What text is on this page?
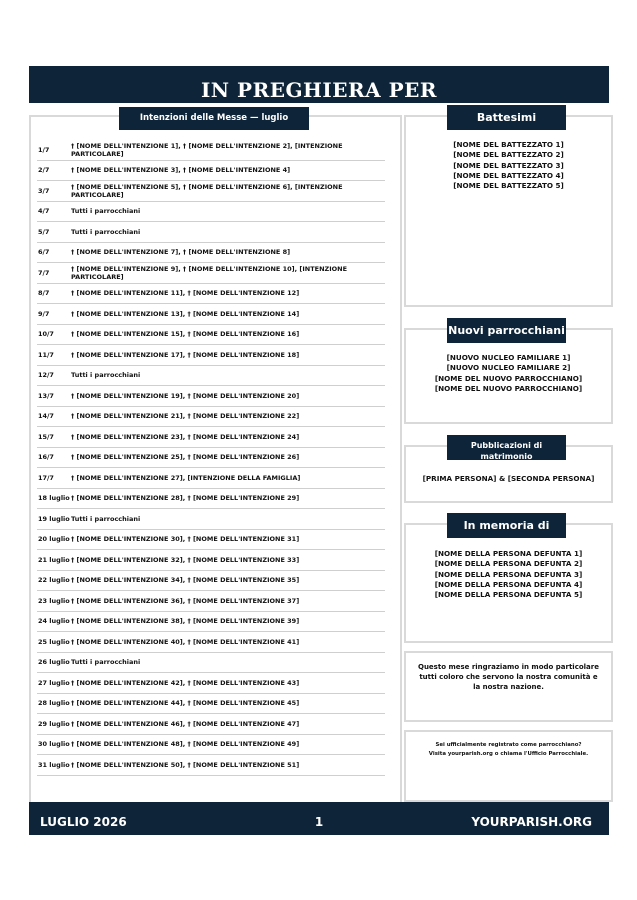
IN PREGHIERA PER
Intenzioni delle Messe — luglio
1/7	† [NOME DELL'INTENZIONE 1], † [NOME DELL'INTENZIONE 2], [INTENZIONE PARTICOLARE]
2/7	† [NOME DELL'INTENZIONE 3], † [NOME DELL'INTENZIONE 4]
3/7	† [NOME DELL'INTENZIONE 5], † [NOME DELL'INTENZIONE 6], [INTENZIONE PARTICOLARE]
4/7	Tutti i parrocchiani
5/7	Tutti i parrocchiani
6/7	† [NOME DELL'INTENZIONE 7], † [NOME DELL'INTENZIONE 8]
7/7	† [NOME DELL'INTENZIONE 9], † [NOME DELL'INTENZIONE 10], [INTENZIONE PARTICOLARE]
8/7	† [NOME DELL'INTENZIONE 11], † [NOME DELL'INTENZIONE 12]
9/7	† [NOME DELL'INTENZIONE 13], † [NOME DELL'INTENZIONE 14]
10/7	† [NOME DELL'INTENZIONE 15], † [NOME DELL'INTENZIONE 16]
11/7	† [NOME DELL'INTENZIONE 17], † [NOME DELL'INTENZIONE 18]
12/7	Tutti i parrocchiani
13/7	† [NOME DELL'INTENZIONE 19], † [NOME DELL'INTENZIONE 20]
14/7	† [NOME DELL'INTENZIONE 21], † [NOME DELL'INTENZIONE 22]
15/7	† [NOME DELL'INTENZIONE 23], † [NOME DELL'INTENZIONE 24]
16/7	† [NOME DELL'INTENZIONE 25], † [NOME DELL'INTENZIONE 26]
17/7	† [NOME DELL'INTENZIONE 27], [INTENZIONE DELLA FAMIGLIA]
18 luglio † [NOME DELL'INTENZIONE 28], † [NOME DELL'INTENZIONE 29]
19 luglio Tutti i parrocchiani
20 luglio † [NOME DELL'INTENZIONE 30], † [NOME DELL'INTENZIONE 31]
21 luglio † [NOME DELL'INTENZIONE 32], † [NOME DELL'INTENZIONE 33]
22 luglio † [NOME DELL'INTENZIONE 34], † [NOME DELL'INTENZIONE 35]
23 luglio † [NOME DELL'INTENZIONE 36], † [NOME DELL'INTENZIONE 37]
24 luglio † [NOME DELL'INTENZIONE 38], † [NOME DELL'INTENZIONE 39]
25 luglio † [NOME DELL'INTENZIONE 40], † [NOME DELL'INTENZIONE 41]
26 luglio Tutti i parrocchiani
27 luglio † [NOME DELL'INTENZIONE 42], † [NOME DELL'INTENZIONE 43]
28 luglio † [NOME DELL'INTENZIONE 44], † [NOME DELL'INTENZIONE 45]
29 luglio † [NOME DELL'INTENZIONE 46], † [NOME DELL'INTENZIONE 47]
30 luglio † [NOME DELL'INTENZIONE 48], † [NOME DELL'INTENZIONE 49]
31 luglio † [NOME DELL'INTENZIONE 50], † [NOME DELL'INTENZIONE 51]
[NOME DEL BATTEZZATO 1]
[NOME DEL BATTEZZATO 2]
[NOME DEL BATTEZZATO 3]
[NOME DEL BATTEZZATO 4]
[NOME DEL BATTEZZATO 5]
Battesimi
[NUOVO NUCLEO FAMILIARE 1]
[NUOVO NUCLEO FAMILIARE 2]
[NOME DEL NUOVO PARROCCHIANO]
[NOME DEL NUOVO PARROCCHIANO]
Nuovi parrocchiani
[PRIMA PERSONA] & [SECONDA PERSONA]
Pubblicazioni di matrimonio
[NOME DELLA PERSONA DEFUNTA 1]
[NOME DELLA PERSONA DEFUNTA 2]
[NOME DELLA PERSONA DEFUNTA 3]
[NOME DELLA PERSONA DEFUNTA 4]
[NOME DELLA PERSONA DEFUNTA 5]
In memoria di
Questo mese ringraziamo in modo particolare tutti coloro che servono la nostra comunità e la nostra nazione.
Sei ufficialmente registrato come parrocchiano?
Visita yourparish.org o chiama l'Ufficio Parrocchiale.
1
LUGLIO 2026	YOURPARISH.ORG
